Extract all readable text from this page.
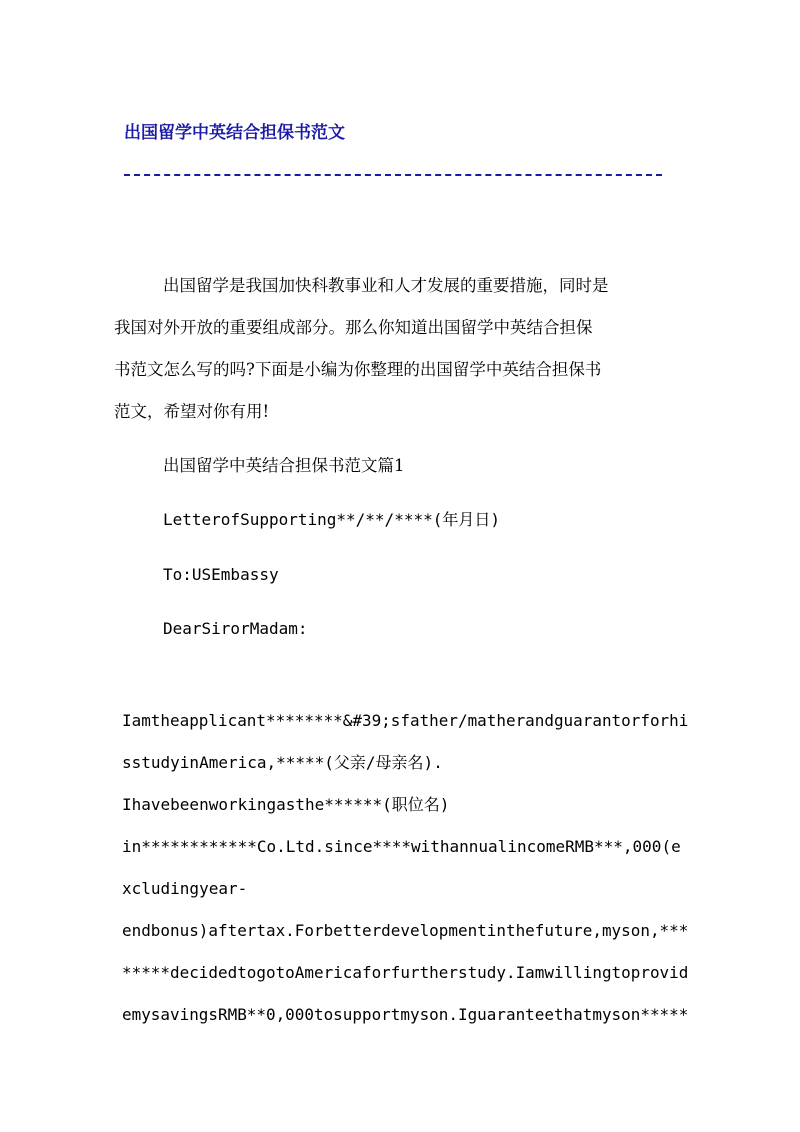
出国留学中英结合担保书范文
出国留学是我国加快科教事业和人才发展的重要措施，同时是
我国对外开放的重要组成部分。那么你知道出国留学中英结合担保
书范文怎么写的吗?下面是小编为你整理的出国留学中英结合担保书
范文，希望对你有用!
出国留学中英结合担保书范文篇1
LetterofSupporting**/**/****(年月日)
To:USEmbassy
DearSirorMadam:
Iamtheapplicant********&#39;sfather/matherandguarantorforhi
sstudyinAmerica,*****(父亲/母亲名).
Ihavebeenworkingasthe******(职位名)
in************Co.Ltd.since****withannualincomeRMB***,000(e
xcludingyear-
endbonus)aftertax.Forbetterdevelopmentinthefuture,myson,***
*****decidedtogotoAmericaforfurtherstudy.Iamwillingtoprovid
emysavingsRMB**0,000tosupportmyson.Iguaranteethatmyson*****
